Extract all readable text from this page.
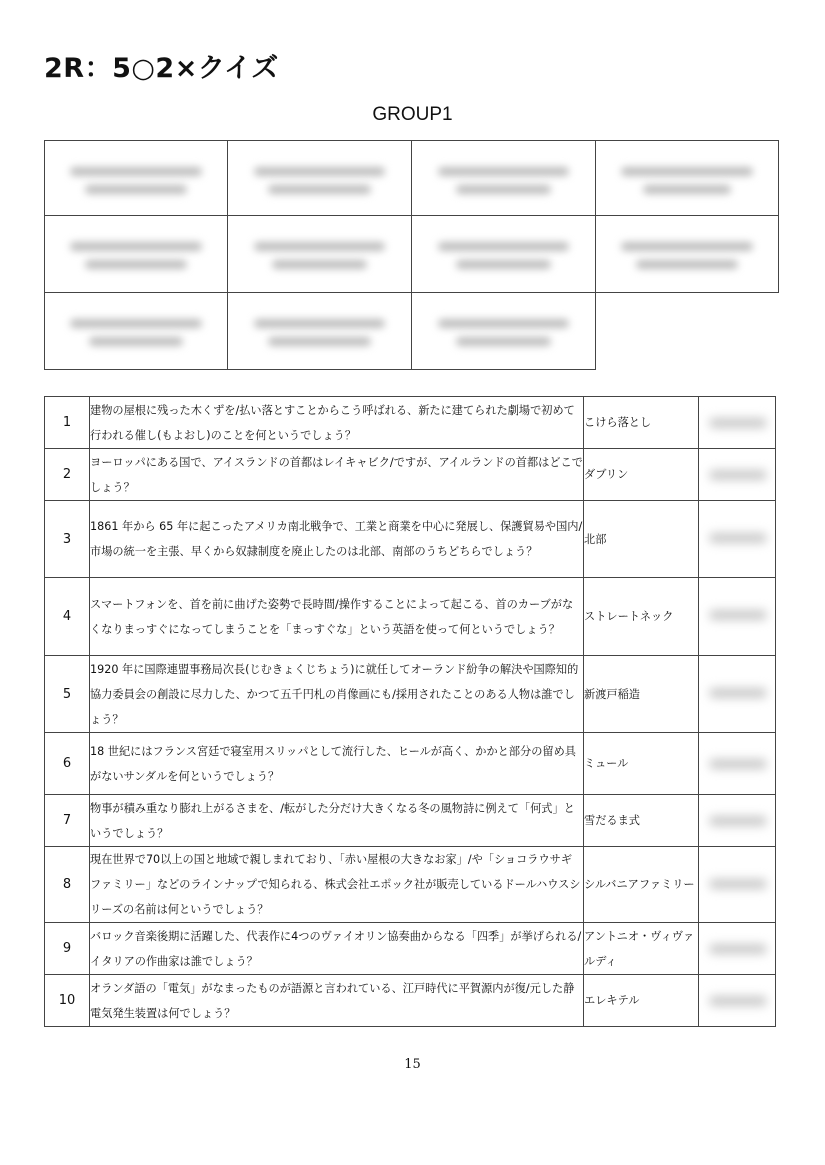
2R：5○2×クイズ
GROUP1
1	建物の屋根に残った木くずを/払い落とすことからこう呼ばれる、新たに建てられた劇場で初めて行われる催し(もよおし)のことを何というでしょう？	こけら落とし	

2	ヨーロッパにある国で、アイスランドの首都はレイキャビク/ですが、アイルランドの首都はどこでしょう？	ダブリン	

3	1861 年から 65 年に起こったアメリカ南北戦争で、工業と商業を中心に発展し、保護貿易や国内/市場の統一を主張、早くから奴隷制度を廃止したのは北部、南部のうちどちらでしょう？	北部	

4	スマートフォンを、首を前に曲げた姿勢で長時間/操作することによって起こる、首のカーブがなくなりまっすぐになってしまうことを「まっすぐな」という英語を使って何というでしょう？	ストレートネック	

5	1920 年に国際連盟事務局次長(じむきょくじちょう)に就任してオーランド紛争の解決や国際知的協力委員会の創設に尽力した、かつて五千円札の肖像画にも/採用されたことのある人物は誰でしょう？	新渡戸稲造	

6	18 世紀にはフランス宮廷で寝室用スリッパとして流行した、ヒールが高く、かかと部分の留め具がないサンダルを何というでしょう？	ミュール	

7	物事が積み重なり膨れ上がるさまを、/転がした分だけ大きくなる冬の風物詩に例えて「何式」というでしょう？	雪だるま式	

8	現在世界で70以上の国と地域で親しまれており、「赤い屋根の大きなお家」/や「ショコラウサギファミリー」などのラインナップで知られる、株式会社エポック社が販売しているドールハウスシリーズの名前は何というでしょう？	シルバニアファミリー	

9	バロック音楽後期に活躍した、代表作に4つのヴァイオリン協奏曲からなる「四季」が挙げられる/イタリアの作曲家は誰でしょう？	アントニオ・ヴィヴァルディ	

10	オランダ語の「電気」がなまったものが語源と言われている、江戸時代に平賀源内が復/元した静電気発生装置は何でしょう？	エレキテル	
15
